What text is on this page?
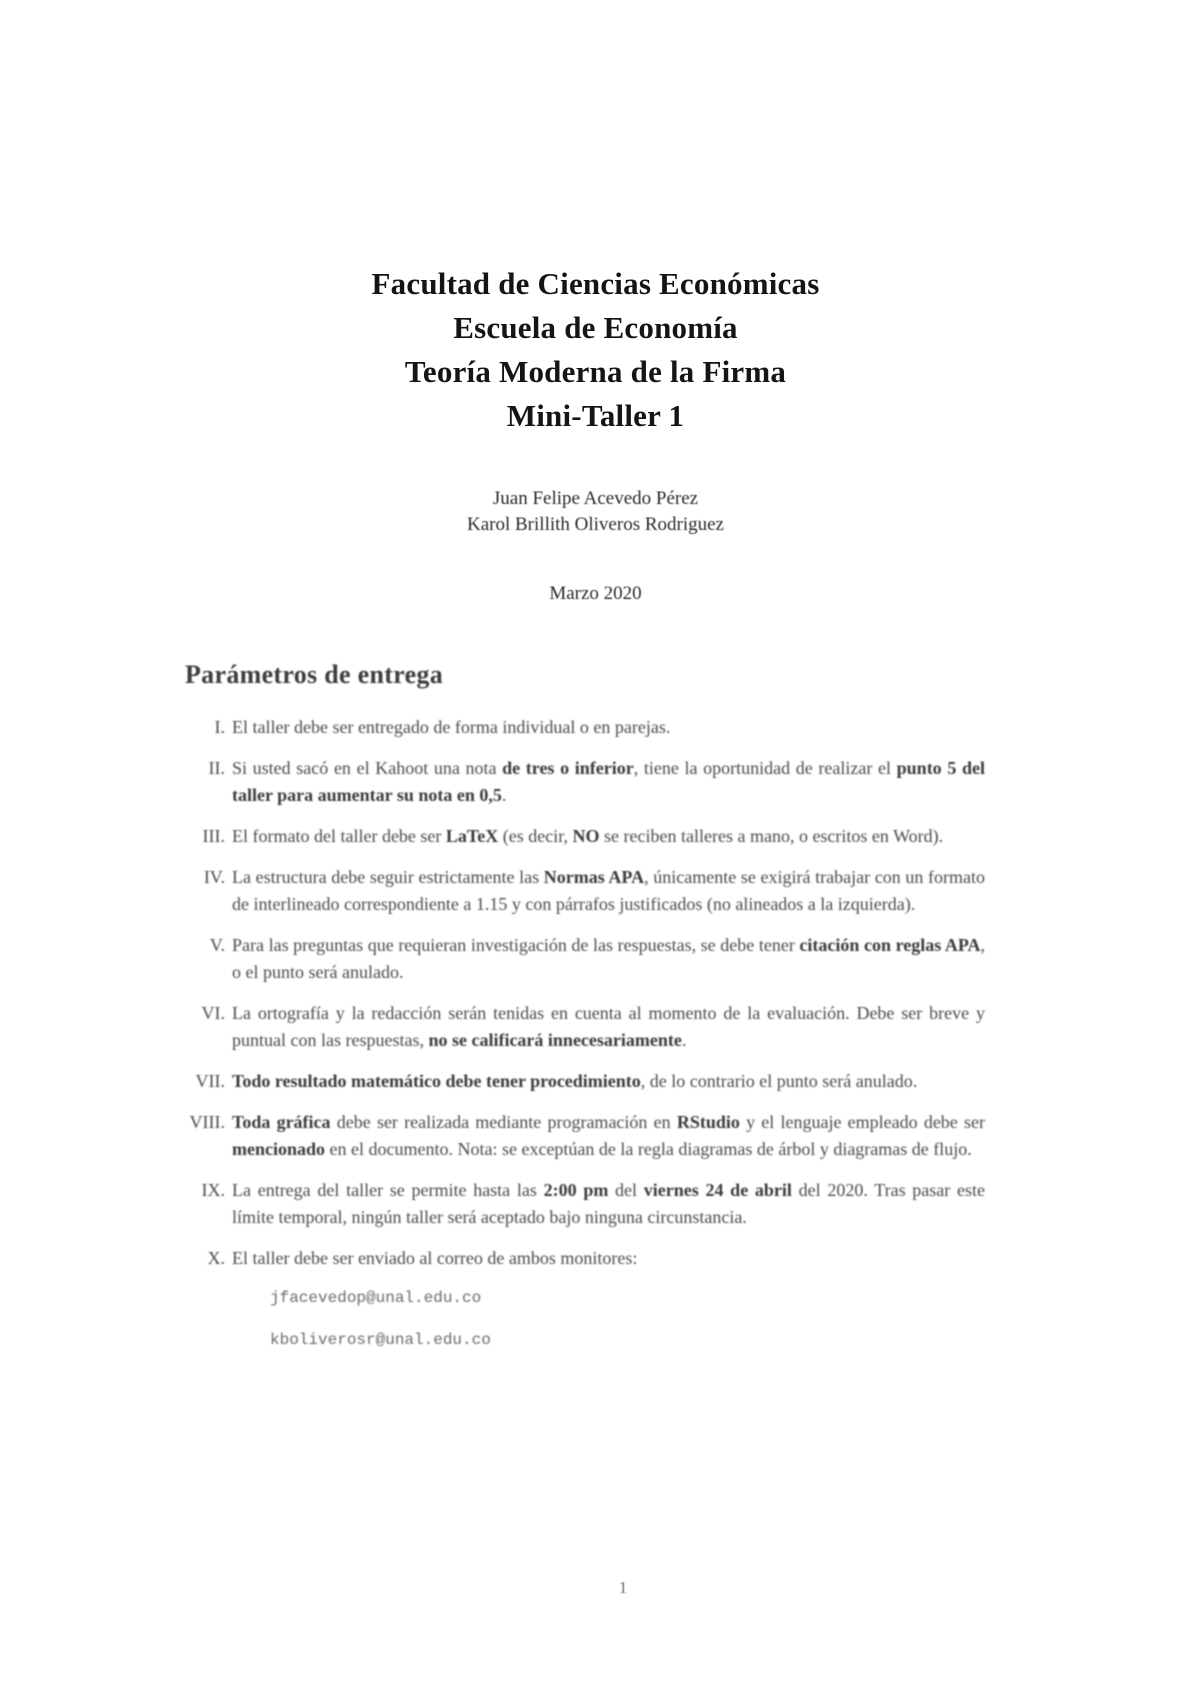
Facultad de Ciencias Económicas
Escuela de Economía
Teoría Moderna de la Firma
Mini-Taller 1
Juan Felipe Acevedo Pérez
Karol Brillith Oliveros Rodriguez
Marzo 2020
Parámetros de entrega
I. El taller debe ser entregado de forma individual o en parejas.
II. Si usted sacó en el Kahoot una nota de tres o inferior, tiene la oportunidad de realizar el punto 5 del taller para aumentar su nota en 0,5.
III. El formato del taller debe ser LaTeX (es decir, NO se reciben talleres a mano, o escritos en Word).
IV. La estructura debe seguir estrictamente las Normas APA, únicamente se exigirá trabajar con un formato de interlineado correspondiente a 1.15 y con párrafos justificados (no alineados a la izquierda).
V. Para las preguntas que requieran investigación de las respuestas, se debe tener citación con reglas APA, o el punto será anulado.
VI. La ortografía y la redacción serán tenidas en cuenta al momento de la evaluación. Debe ser breve y puntual con las respuestas, no se calificará innecesariamente.
VII. Todo resultado matemático debe tener procedimiento, de lo contrario el punto será anulado.
VIII. Toda gráfica debe ser realizada mediante programación en RStudio y el lenguaje empleado debe ser mencionado en el documento. Nota: se exceptúan de la regla diagramas de árbol y diagramas de flujo.
IX. La entrega del taller se permite hasta las 2:00 pm del viernes 24 de abril del 2020. Tras pasar este límite temporal, ningún taller será aceptado bajo ninguna circunstancia.
X. El taller debe ser enviado al correo de ambos monitores:
jfacevedop@unal.edu.co
kboliverosr@unal.edu.co
1
